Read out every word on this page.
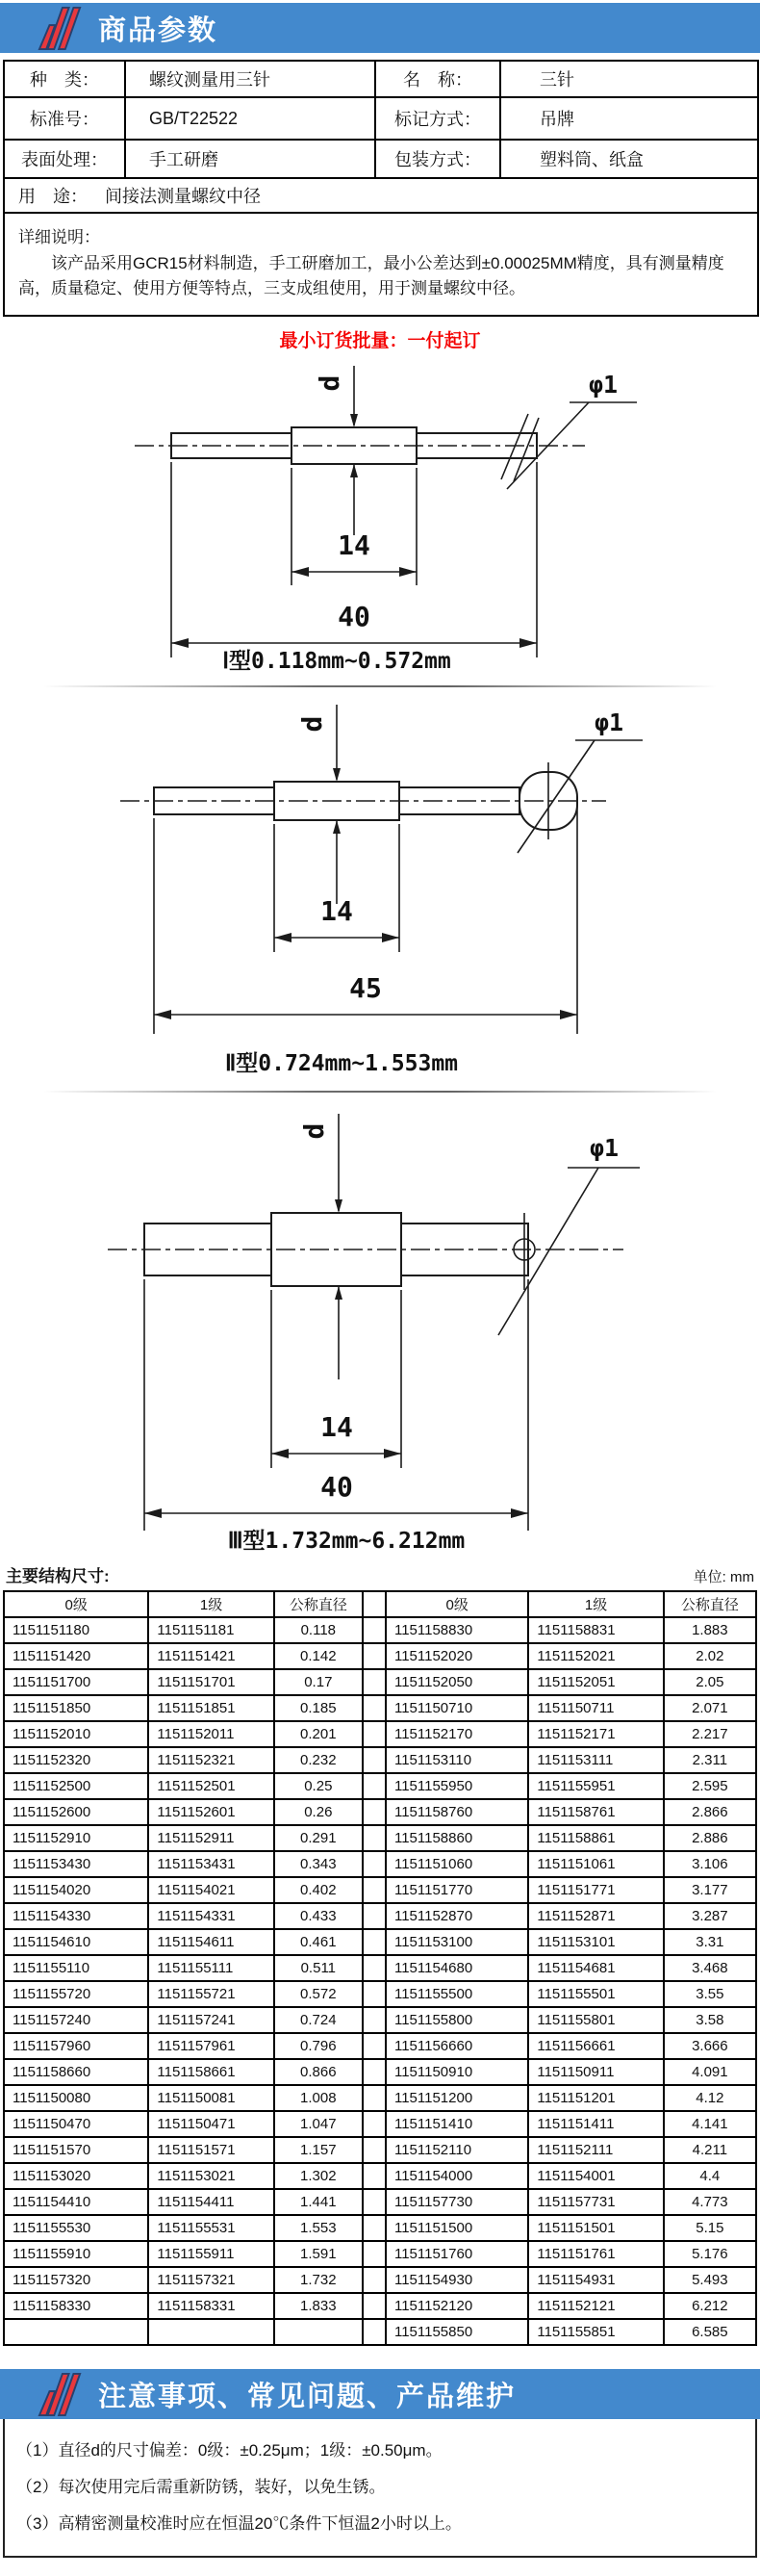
商品参数
种　类：	螺纹测量用三针	名　称：	三针
标准号：	GB/T22522	标记方式：	吊牌
表面处理：	手工研磨	包装方式：	塑料筒、纸盒
用　途： 间接法测量螺纹中径			

详细说明：

该产品采用GCR15材料制造，手工研磨加工，最小公差达到±0.00025MM精度，具有测量精度高，质量稳定、使用方便等特点，三支成组使用，用于测量螺纹中径。			

最小订货批量：一付起订
φ1
d
14
40
Ⅰ型0.118mm~0.572mm
φ1
d
14
45
Ⅱ型0.724mm~1.553mm
φ1
d
14
40
Ⅲ型1.732mm~6.212mm
主要结构尺寸:	单位: mm
0级	1级	公称直径		0级	1级	公称直径
1151151180	1151151181	0.118		1151158830	1151158831	1.883
1151151420	1151151421	0.142		1151152020	1151152021	2.02
1151151700	1151151701	0.17		1151152050	1151152051	2.05
1151151850	1151151851	0.185		1151150710	1151150711	2.071
1151152010	1151152011	0.201		1151152170	1151152171	2.217
1151152320	1151152321	0.232		1151153110	1151153111	2.311
1151152500	1151152501	0.25		1151155950	1151155951	2.595
1151152600	1151152601	0.26		1151158760	1151158761	2.866
1151152910	1151152911	0.291		1151158860	1151158861	2.886
1151153430	1151153431	0.343		1151151060	1151151061	3.106
1151154020	1151154021	0.402		1151151770	1151151771	3.177
1151154330	1151154331	0.433		1151152870	1151152871	3.287
1151154610	1151154611	0.461		1151153100	1151153101	3.31
1151155110	1151155111	0.511		1151154680	1151154681	3.468
1151155720	1151155721	0.572		1151155500	1151155501	3.55
1151157240	1151157241	0.724		1151155800	1151155801	3.58
1151157960	1151157961	0.796		1151156660	1151156661	3.666
1151158660	1151158661	0.866		1151150910	1151150911	4.091
1151150080	1151150081	1.008		1151151200	1151151201	4.12
1151150470	1151150471	1.047		1151151410	1151151411	4.141
1151151570	1151151571	1.157		1151152110	1151152111	4.211
1151153020	1151153021	1.302		1151154000	1151154001	4.4
1151154410	1151154411	1.441		1151157730	1151157731	4.773
1151155530	1151155531	1.553		1151151500	1151151501	5.15
1151155910	1151155911	1.591		1151151760	1151151761	5.176
1151157320	1151157321	1.732		1151154930	1151154931	5.493
1151158330	1151158331	1.833		1151152120	1151152121	6.212
				1151155850	1151155851	6.585
注意事项、常见问题、产品维护
（1）直径d的尺寸偏差：0级：±0.25μm；1级：±0.50μm。
（2）每次使用完后需重新防锈，装好，以免生锈。
（3）高精密测量校准时应在恒温20℃条件下恒温2小时以上。
